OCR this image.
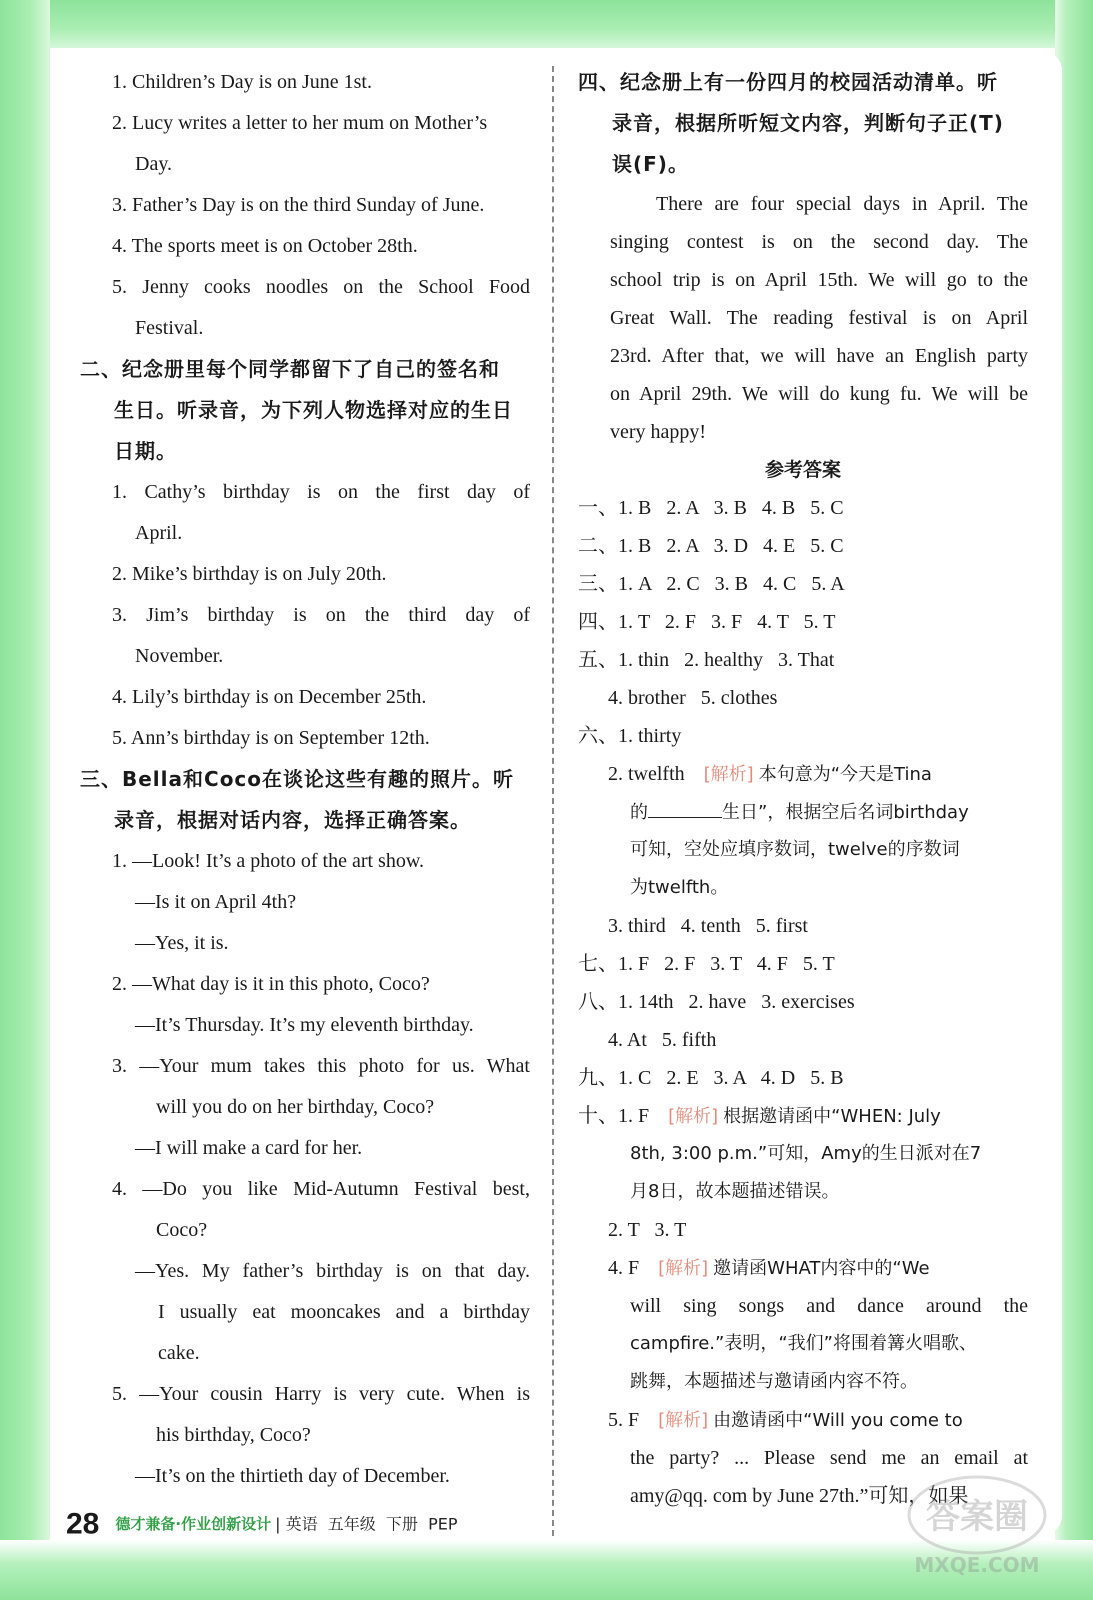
1. Children’s Day is on June 1st.
2. Lucy writes a letter to her mum on Mother’s
Day.
3. Father’s Day is on the third Sunday of June.
4. The sports meet is on October 28th.
5. Jenny cooks noodles on the School Food
Festival.
二、纪念册里每个同学都留下了自己的签名和
生日。听录音，为下列人物选择对应的生日
日期。
1. Cathy’s birthday is on the first day of
April.
2. Mike’s birthday is on July 20th.
3. Jim’s birthday is on the third day of
November.
4. Lily’s birthday is on December 25th.
5. Ann’s birthday is on September 12th.
三、Bella和Coco在谈论这些有趣的照片。听
录音，根据对话内容，选择正确答案。
1. —Look! It’s a photo of the art show.
—Is it on April 4th?
—Yes, it is.
2. —What day is it in this photo, Coco?
—It’s Thursday. It’s my eleventh birthday.
3. —Your mum takes this photo for us. What
will you do on her birthday, Coco?
—I will make a card for her.
4. —Do you like Mid-Autumn Festival best,
Coco?
—Yes. My father’s birthday is on that day.
I usually eat mooncakes and a birthday
cake.
5. —Your cousin Harry is very cute. When is
his birthday, Coco?
—It’s on the thirtieth day of December.
四、纪念册上有一份四月的校园活动清单。听
录音，根据所听短文内容，判断句子正(T)
误(F)。
There are four special days in April. The
singing contest is on the second day. The
school trip is on April 15th. We will go to the
Great Wall. The reading festival is on April
23rd. After that, we will have an English party
on April 29th. We will do kung fu. We will be
very happy!
参考答案
一、1. B   2. A   3. B   4. B   5. C
二、1. B   2. A   3. D   4. E   5. C
三、1. A   2. C   3. B   4. C   5. A
四、1. T   2. F   3. F   4. T   5. T
五、1. thin   2. healthy   3. That
4. brother   5. clothes
六、1. thirty
2. twelfth [解析] 本句意为“今天是Tina
的	生日”，根据空后名词birthday
可知，空处应填序数词，twelve的序数词
为twelfth。
3. third   4. tenth   5. first
七、1. F   2. F   3. T   4. F   5. T
八、1. 14th   2. have   3. exercises
4. At   5. fifth
九、1. C   2. E   3. A   4. D   5. B
十、1. F [解析] 根据邀请函中“WHEN: July
8th, 3:00 p.m.”可知，Amy的生日派对在7
月8日，故本题描述错误。
2. T   3. T
4. F [解析] 邀请函WHAT内容中的“We
will sing songs and dance around the
campfire.”表明，“我们”将围着篝火唱歌、
跳舞，本题描述与邀请函内容不符。
5. F [解析] 由邀请函中“Will you come to
the party? ... Please send me an email at
amy@qq. com by June 27th.”可知，如果
28 德才兼备·作业创新设计 | 英语  五年级  下册  PEP	答案圈
MXQE.COM
